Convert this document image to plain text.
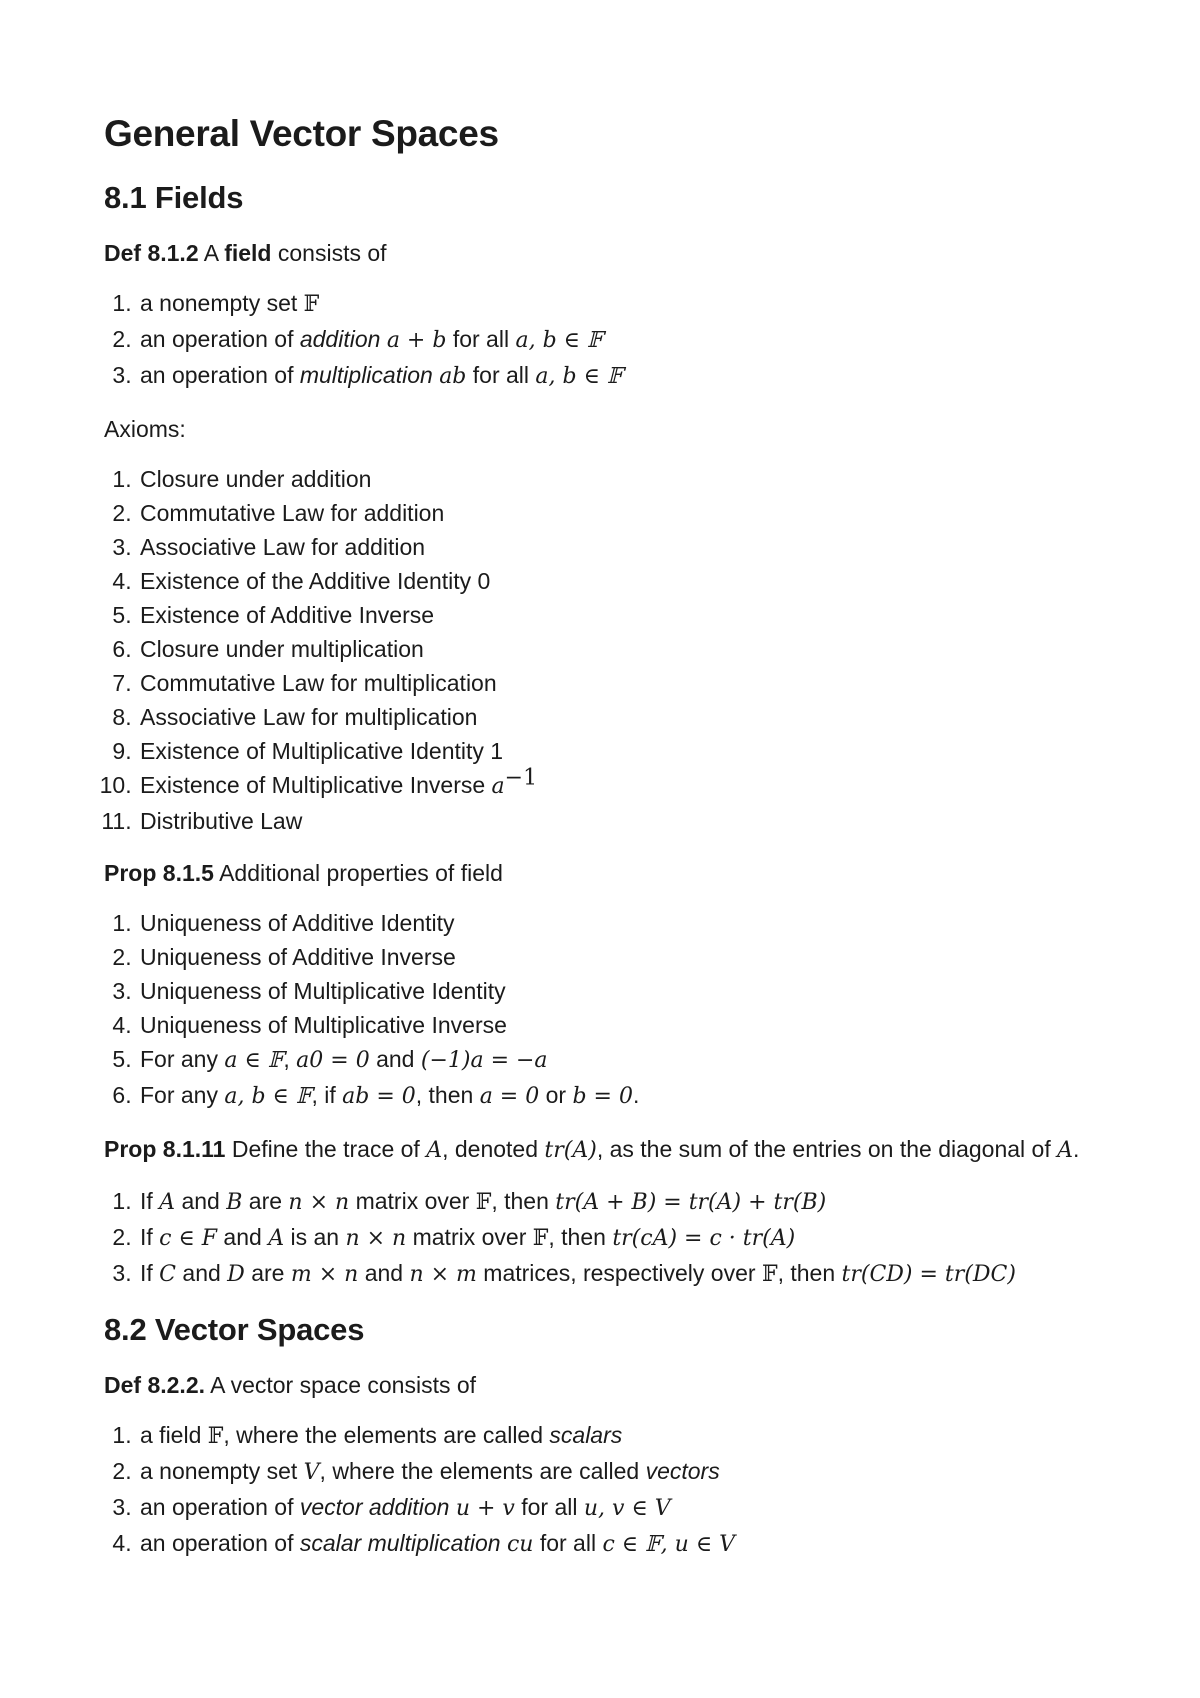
General Vector Spaces
8.1 Fields

Def 8.1.2 A field consists of

1. a nonempty set 𝔽
2. an operation of addition a + b for all a, b ∈ 𝔽
3. an operation of multiplication ab for all a, b ∈ 𝔽

Axioms:

1. Closure under addition
2. Commutative Law for addition
3. Associative Law for addition
4. Existence of the Additive Identity 0
5. Existence of Additive Inverse
6. Closure under multiplication
7. Commutative Law for multiplication
8. Associative Law for multiplication
9. Existence of Multiplicative Identity 1
10. Existence of Multiplicative Inverse $a^{-1}$
11. Distributive Law

Prop 8.1.5 Additional properties of field

1. Uniqueness of Additive Identity
2. Uniqueness of Additive Inverse
3. Uniqueness of Multiplicative Identity
4. Uniqueness of Multiplicative Inverse
5. For any a ∈ 𝔽, a0 = 0 and (−1)a = −a
6. For any a, b ∈ 𝔽, if ab = 0, then a = 0 or b = 0.

Prop 8.1.11 Define the trace of A, denoted tr(A), as the sum of the entries on the diagonal of A.

1. If A and B are n × n matrix over 𝔽, then tr(A + B) = tr(A) + tr(B)
2. If c ∈ F and A is an n × n matrix over 𝔽, then tr(cA) = c · tr(A)
3. If C and D are m × n and n × m matrices, respectively over 𝔽, then tr(CD) = tr(DC)
8.2 Vector Spaces

Def 8.2.2. A vector space consists of

1. a field 𝔽, where the elements are called scalars
2. a nonempty set V, where the elements are called vectors
3. an operation of vector addition u + v for all u, v ∈ V
4. an operation of scalar multiplication cu for all c ∈ 𝔽, u ∈ V
